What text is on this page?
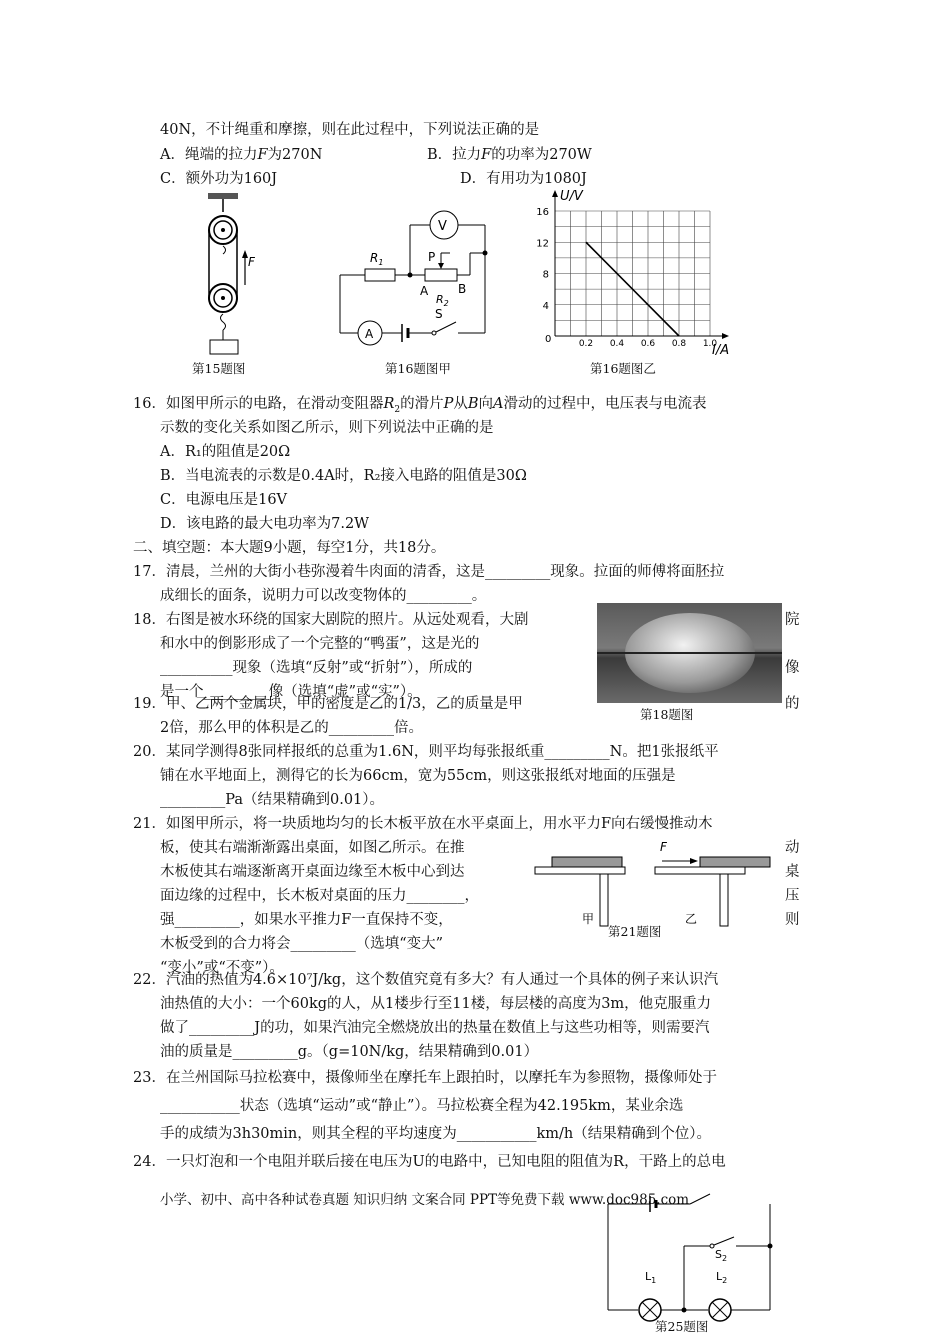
40N，不计绳重和摩擦，则在此过程中，下列说法正确的是
A．绳端的拉力F为270N	B．拉力F的功率为270W
C．额外功为160J	D．有用功为1080J
F
第15题图
V
$R_1$	P
A B
$R_2$
A
S
第16题图甲
U/V
I/A
16
12
8
4
0	0.2 0.4 0.6 0.8 1.0
第16题图乙
16．如图甲所示的电路，在滑动变阻器$R_2$的滑片P从B向A滑动的过程中，电压表与电流表
示数的变化关系如图乙所示，则下列说法中正确的是
A．R₁的阻值是20Ω
B．当电流表的示数是0.4A时，R₂接入电路的阻值是30Ω
C．电源电压是16V
D．该电路的最大电功率为7.2W
二、填空题：本大题9小题，每空1分，共18分。
17．清晨，兰州的大街小巷弥漫着牛肉面的清香，这是_________现象。拉面的师傅将面胚拉
成细长的面条，说明力可以改变物体的_________。
18．右图是被水环绕的国家大剧院的照片。从远处观看，大剧	院
和水中的倒影形成了一个完整的“鸭蛋”，这是光的
__________现象（选填“反射”或“折射”），所成的	像
是一个_________像（选填“虚”或“实”）。
第18题图
19．甲、乙两个金属块，甲的密度是乙的1/3，乙的质量是甲	的
2倍，那么甲的体积是乙的_________倍。
20．某同学测得8张同样报纸的总重为1.6N，则平均每张报纸重_________N。把1张报纸平
铺在水平地面上，测得它的长为66cm，宽为55cm，则这张报纸对地面的压强是
_________Pa（结果精确到0.01）。
21．如图甲所示，将一块质地均匀的长木板平放在水平桌面上，用水平力F向右缓慢推动木
板，使其右端渐渐露出桌面，如图乙所示。在推	动
木板使其右端逐渐离开桌面边缘至木板中心到达	桌
面边缘的过程中，长木板对桌面的压力________，	压
强_________，如果水平推力F一直保持不变，	则
木板受到的合力将会_________（选填“变大”
“变小”或“不变”）。
甲
F
乙
第21题图
22．汽油的热值为4.6×10⁷J/kg，这个数值究竟有多大？有人通过一个具体的例子来认识汽
油热值的大小：一个60kg的人，从1楼步行至11楼，每层楼的高度为3m，他克服重力
做了_________J的功，如果汽油完全燃烧放出的热量在数值上与这些功相等，则需要汽
油的质量是_________g。（g=10N/kg，结果精确到0.01）
23．在兰州国际马拉松赛中，摄像师坐在摩托车上跟拍时，以摩托车为参照物，摄像师处于
___________状态（选填“运动”或“静止”）。马拉松赛全程为42.195km，某业余选
手的成绩为3h30min，则其全程的平均速度为___________km/h（结果精确到个位）。
24．一只灯泡和一个电阻并联后接在电压为U的电路中，已知电阻的阻值为R，干路上的总电
小学、初中、高中各种试卷真题 知识归纳 文案合同 PPT等免费下载 www.doc985.com
$S_2$
$L_1$	$L_2$
第25题图
